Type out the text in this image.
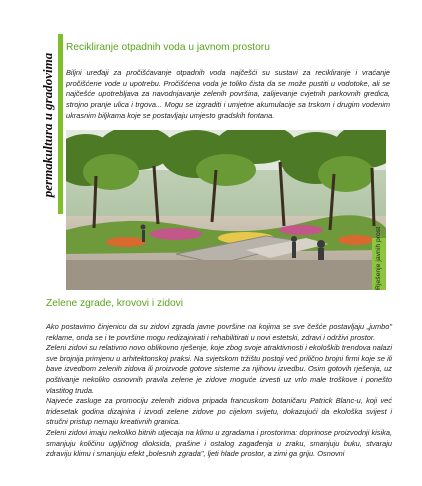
permakultura u gradovima
Recikliranje otpadnih voda u javnom prostoru
Biljni uređaji za pročišćavanje otpadnih voda najčešći su sustavi za recikliranje i vraćanje pročišćene vode u upotrebu. Pročišćena voda je toliko čista da se može pustiti u vodotoke, ali se najčešće upotrebljava za navodnjavanje zelenih površina, zalijevanje cvjetnih parkovnih gredica, strojno pranje ulica i trgova... Mogu se izgraditi i umjetne akumulacije sa trskom i drugim vodenim ukrasnim biljkama koje se postavljaju umjesto gradskih fontana.
Rješenje javnih prost
Zelene zgrade, krovovi i zidovi

Ako postavimo činjenicu da su zidovi zgrada javne površine na kojima se sve češće postavljaju „jumbo" reklame, onda se i te površine mogu redizajnirati i rehabilitirati u novi estetski, zdravi i održivi prostor.

Zeleni zidovi su relativno novo oblikovno rješenje, koje zbog svoje atraktivnosti i ekološkib trendova nalazi sve brojnija primjenu u arhitektonskoj praksi. Na svjetskom tržištu postoji već prilično brojni firmi koje se ili bave izvedbom zelenih zidova ili proizvode gotove sisteme za njihovu izvedbu. Osim gotovih rješenja, uz poštivanje nekoliko osnovnih pravila zelene je zidove moguće izvesti uz vrlo male troškove i ponešto vlastitog truda.

Najveće zasluge za promociju zelenih zidova pripada francuskom botaničaru Patrick Blanc-u, koji već tridesetak godina dizajnira i izvodi zelene zidove po cijelom svijetu, dokazujući da ekološka svijest i stručni pristup nemaju kreativnih granica.

Zeleni zidovi imaju nekoliko bitnih utjecaja na klimu u zgradama i prostorima: doprinose proizvodnji kisika, smanjuju količinu ugljičnog dioksida, prašine i ostalog zagađenja u zraku, smanjuju buku, stvaraju zdraviju klimu i smanjuju efekt „bolesnih zgrada", ljeti hlade prostor, a zimi ga griju. Osnovni
